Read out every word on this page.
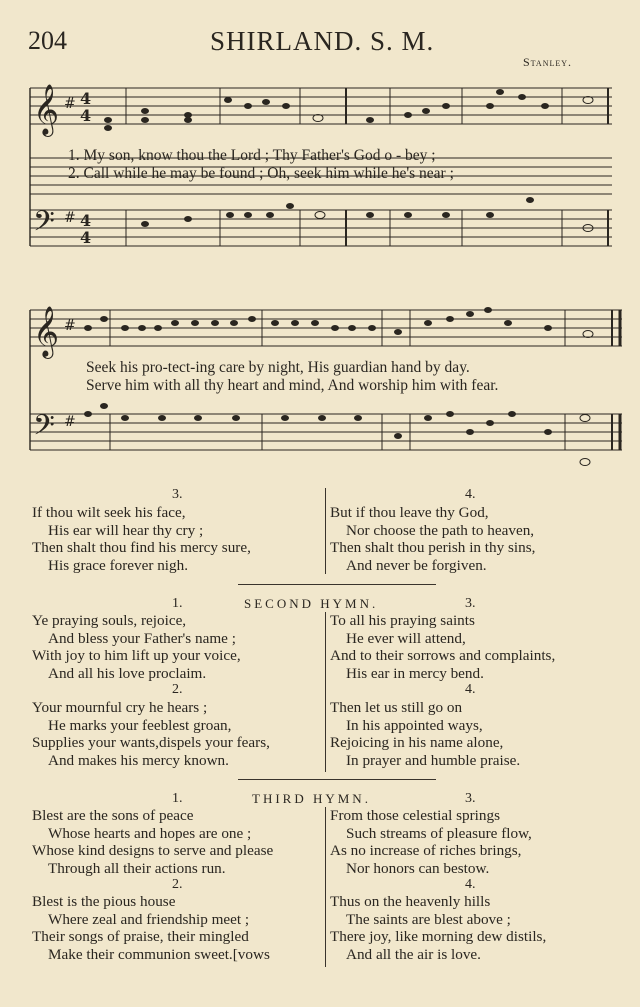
204	SHIRLAND. S. M.
Stanley.
𝄞 # 4
4
𝄢 # 4
4
1. My son, know thou the Lord ; Thy Father's God o - bey ;
2. Call while he may be found ; Oh, seek him while he's near ;
𝄞 #
𝄢 #
Seek his pro-tect-ing care by night, His guardian hand by day.
Serve him with all thy heart and mind, And worship him with fear.
3.
If thou wilt seek his face,
His ear will hear thy cry ;
Then shalt thou find his mercy sure,
His grace forever nigh.
4.
But if thou leave thy God,
Nor choose the path to heaven,
Then shalt thou perish in thy sins,
And never be forgiven.
1.	SECOND HYMN.	3.
Ye praying souls, rejoice,
And bless your Father's name ;
With joy to him lift up your voice,
And all his love proclaim.
2.
Your mournful cry he hears ;
He marks your feeblest groan,
Supplies your wants,dispels your fears,
And makes his mercy known.
To all his praying saints
He ever will attend,
And to their sorrows and complaints,
His ear in mercy bend.
4.
Then let us still go on
In his appointed ways,
Rejoicing in his name alone,
In prayer and humble praise.
1.	THIRD HYMN.	3.
Blest are the sons of peace
Whose hearts and hopes are one ;
Whose kind designs to serve and please
Through all their actions run.
2.
Blest is the pious house
Where zeal and friendship meet ;
Their songs of praise, their mingled
Make their communion sweet.[vows
From those celestial springs
Such streams of pleasure flow,
As no increase of riches brings,
Nor honors can bestow.
4.
Thus on the heavenly hills
The saints are blest above ;
There joy, like morning dew distils,
And all the air is love.
